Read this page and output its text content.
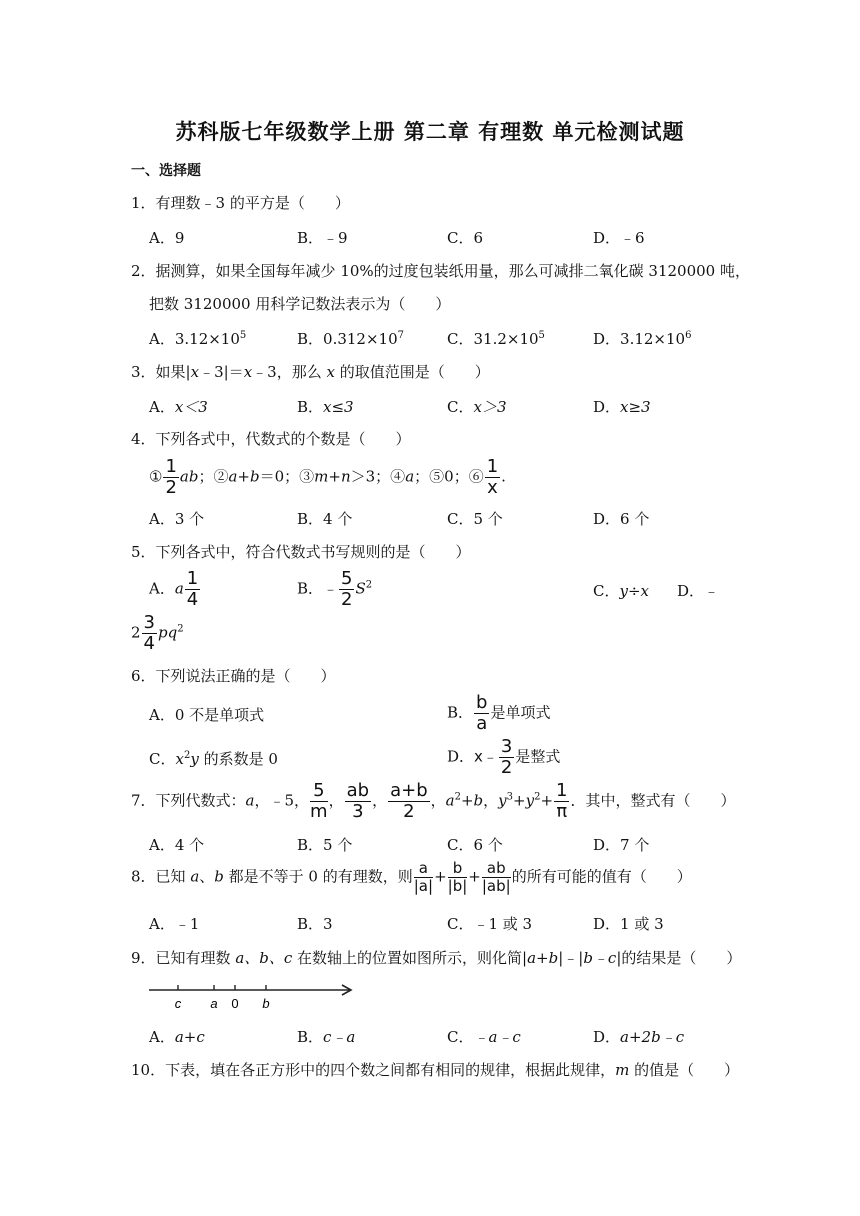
苏科版七年级数学上册 第二章 有理数 单元检测试题
一、选择题
1．有理数﹣3 的平方是（　　）
A．9	B．﹣9	C．6	D．﹣6
2．据测算，如果全国每年减少 10%的过度包装纸用量，那么可减排二氧化碳 3120000 吨，
把数 3120000 用科学记数法表示为（　　）
A．$3.12\times 10^5$	B．$0.312\times 10^7$	C．$31.2\times 10^5$	D．$3.12\times 10^6$
3．如果|x﹣3|＝x﹣3，那么 x 的取值范围是（　　）
A．x＜3	B．x≤3	C．x＞3	D．x≥3
4．下列各式中，代数式的个数是（　　）
① $\frac{1}{2}$ ab；②a+b＝0；③m+n＞3；④a；⑤0；⑥ $\frac{1}{x}$ .
A．3 个	B．4 个	C．5 个	D．6 个
5．下列各式中，符合代数式书写规则的是（　　）
A．a $\frac{1}{4}$	B．﹣ $\frac{5}{2} S^2$	C．y÷x D．﹣
$2 \frac{3}{4} pq^2$
6．下列说法正确的是（　　）
A．0 不是单项式	B． $\frac{b}{a}$ 是单项式
C．$x^2y$ 的系数是 0	D．x﹣ $\frac{3}{2}$ 是整式
7．下列代数式：a，﹣5， $\frac{5}{m}$ ， $\frac{ab}{3}$ ， $\frac{a+b}{2}$ ，$a^2+b$，$y^3+y^2+ \frac{1}{\pi}$ ．其中，整式有（　　）
A．4 个	B．5 个	C．6 个	D．7 个
8．已知 a、b 都是不等于 0 的有理数，则 $\frac{a}{|a|} + \frac{b}{|b|} + \frac{ab}{|ab|}$ 的所有可能的值有（　　）
A．﹣1	B．3	C．﹣1 或 3	D．1 或 3
9．已知有理数 a、b、c 在数轴上的位置如图所示，则化简|a+b|﹣|b﹣c|的结果是（　　）
c a 0 b
A．a+c	B．c﹣a	C．﹣a﹣c	D．a+2b﹣c
10．下表，填在各正方形中的四个数之间都有相同的规律，根据此规律，m 的值是（　　）
